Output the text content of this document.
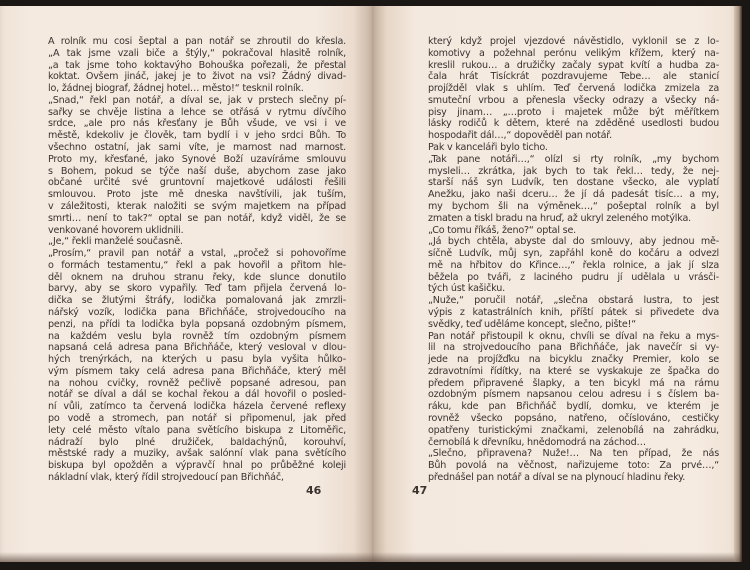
A rolník mu cosi šeptal a pan notář se zhroutil do křesla.
„A tak jsme vzali biče a štýly,“ pokračoval hlasitě rolník,
„a tak jsme toho koktavýho Bohouška pořezali, že přestal
koktat. Ovšem jináč, jakej je to život na vsi? Žádný divad-
lo, žádnej biograf, žádnej hotel… město!“ tesknil rolník.
„Snad,“ řekl pan notář, a díval se, jak v prstech slečny pí-
sařky se chvěje listina a lehce se otřásá v rytmu dívčího
srdce, „ale pro nás křesťany je Bůh všude, ve vsi i ve
městě, kdekoliv je člověk, tam bydlí i v jeho srdci Bůh. To
všechno ostatní, jak sami víte, je marnost nad marnost.
Proto my, křesťané, jako Synové Boží uzavíráme smlouvu
s Bohem, pokud se týče naší duše, abychom zase jako
občané určité své gruntovní majetkové události řešili
smlouvou. Proto jste mě dneska navštívili, jak tuším,
v záležitosti, kterak naložiti se svým majetkem na případ
smrti… není to tak?“ optal se pan notář, když viděl, že se
venkované hovorem uklidnili.
„Je,“ řekli manželé současně.
„Prosím,“ pravil pan notář a vstal, „pročež si pohovoříme
o formách testamentu,“ řekl a pak hovořil a přitom hle-
děl oknem na druhou stranu řeky, kde slunce donutilo
barvy, aby se skoro vypařily. Teď tam přijela červená lo-
dička se žlutými štráfy, lodička pomalovaná jak zmrzli-
nářský vozík, lodička pana Břichňáče, strojvedoucího na
penzi, na přídi ta lodička byla popsaná ozdobným písmem,
na každém veslu byla rovněž tím ozdobným písmem
napsaná celá adresa pana Břichňáče, který vesloval v dlou-
hých trenýrkách, na kterých u pasu byla vyšita hůlko-
vým písmem taky celá adresa pana Břichňáče, který měl
na nohou cvičky, rovněž pečlivě popsané adresou, pan
notář se díval a dál se kochal řekou a dál hovořil o posled-
ní vůli, zatímco ta červená lodička házela červené reflexy
po vodě a stromech, pan notář si připomenul, jak před
lety celé město vítalo pana světícího biskupa z Litoměřic,
nádraží bylo plné družiček, baldachýnů, korouhví,
městské rady a muziky, avšak salónní vlak pana světícího
biskupa byl opožděn a výpravčí hnal po průběžné koleji
nákladní vlak, který řídil strojvedoucí pan Břichňáč,
46
který když projel vjezdové návěstidlo, vyklonil se z lo-
komotivy a požehnal perónu velikým křížem, který na-
kreslil rukou… a družičky začaly sypat kvítí a hudba za-
čala hrát Tisíckrát pozdravujeme Tebe… ale stanicí
projížděl vlak s uhlím. Teď červená lodička zmizela za
smuteční vrbou a přenesla všecky odrazy a všecky ná-
pisy jinam… „…proto i majetek může být měřítkem
lásky rodičů k dětem, které na zděděné usedlosti budou
hospodařit dál…,“ dopověděl pan notář.
Pak v kanceláři bylo ticho.
„Tak pane notáři…,“ olízl si rty rolník, „my bychom
mysleli… zkrátka, jak bych to tak řekl… tedy, že nej-
starší náš syn Ludvík, ten dostane všecko, ale vyplatí
Anežku, jako naši dceru… že jí dá padesát tisíc… a my,
my bychom šli na výměnek…,“ pošeptal rolník a byl
zmaten a tiskl bradu na hruď, až ukryl zeleného motýlka.
„Co tomu říkáš, ženo?“ optal se.
„Já bych chtěla, abyste dal do smlouvy, aby jednou mě-
síčně Ludvík, můj syn, zapřáhl koně do kočáru a odvezl
mě na hřbitov do Křince…,“ řekla rolnice, a jak jí slza
běžela po tváři, z laciného pudru jí udělala u vrásči-
tých úst kašičku.
„Nuže,“ poručil notář, „slečna obstará lustra, to jest
výpis z katastrálních knih, příští pátek si přivedete dva
svědky, teď uděláme koncept, slečno, pište!“
Pan notář přistoupil k oknu, chvíli se díval na řeku a mys-
lil na strojvedoucího pana Břichňáče, jak navečír si vy-
jede na projížďku na bicyklu značky Premier, kolo se
zdravotními řídítky, na které se vyskakuje ze špačka do
předem připravené šlapky, a ten bicykl má na rámu
ozdobným písmem napsanou celou adresu i s číslem ba-
ráku, kde pan Břichňáč bydlí, domku, ve kterém je
rovněž všecko popsáno, natřeno, očíslováno, cestičky
opatřeny turistickými značkami, zelenobílá na zahrádku,
černobílá k dřevníku, hnědomodrá na záchod…
„Slečno, připravena? Nuže!… Na ten případ, že nás
Bůh povolá na věčnost, nařizujeme toto: Za prvé…,“
přednášel pan notář a díval se na plynoucí hladinu řeky.
47
